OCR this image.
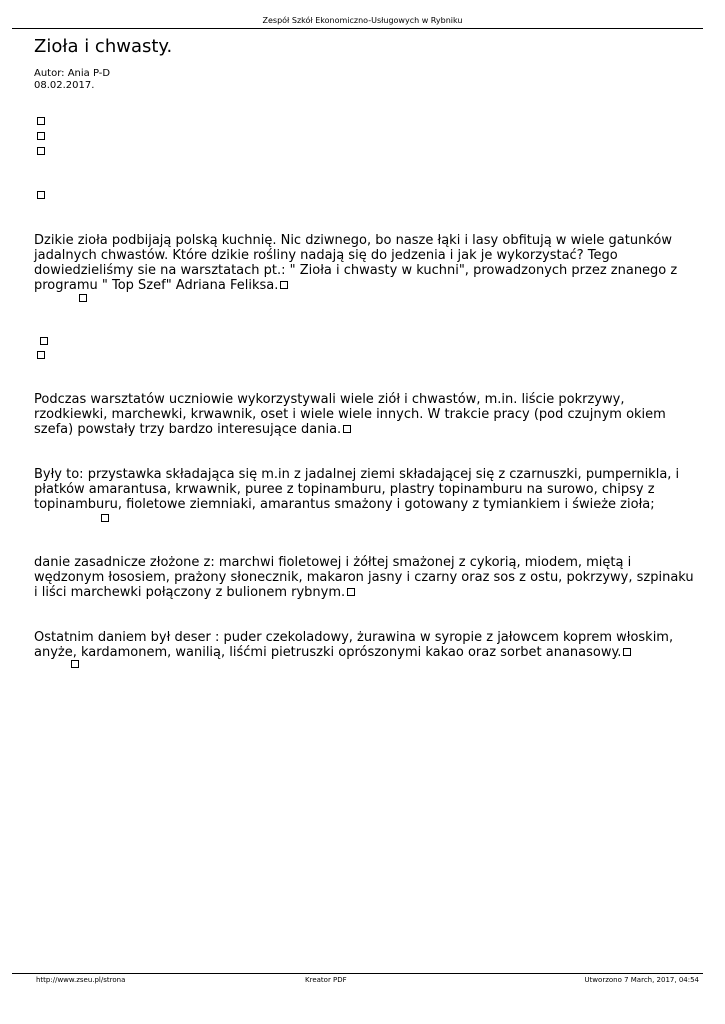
Zespół Szkół Ekonomiczno-Usługowych w Rybniku
Zioła i chwasty.
Autor: Ania P-D
08.02.2017.

Dzikie zioła podbijają polską kuchnię. Nic dziwnego, bo nasze łąki i lasy obfitują w wiele gatunków jadalnych chwastów. Które dzikie rośliny nadają się do jedzenia i jak je wykorzystać? Tego dowiedzieliśmy sie na warsztatach pt.: " Zioła i chwasty w kuchni", prowadzonych przez znanego z programu " Top Szef" Adriana Feliksa.

Podczas warsztatów uczniowie wykorzystywali wiele ziół i chwastów, m.in. liście pokrzywy, rzodkiewki, marchewki, krwawnik, oset i wiele wiele innych. W trakcie pracy (pod czujnym okiem szefa) powstały trzy bardzo interesujące dania.

Były to: przystawka składająca się m.in z jadalnej ziemi składającej się z czarnuszki, pumpernikla, i płatków amarantusa, krwawnik, puree z topinamburu, plastry topinamburu na surowo, chipsy z topinamburu, fioletowe ziemniaki, amarantus smażony i gotowany z tymiankiem i świeże zioła;

danie zasadnicze złożone z: marchwi fioletowej i żółtej smażonej z cykorią, miodem, miętą i wędzonym łososiem, prażony słonecznik, makaron jasny i czarny oraz sos z ostu, pokrzywy, szpinaku i liści marchewki połączony z bulionem rybnym.

Ostatnim daniem był deser : puder czekoladowy, żurawina w syropie z jałowcem koprem włoskim, anyże, kardamonem, wanilią, liśćmi pietruszki oprószonymi kakao oraz sorbet ananasowy.

http://www.zseu.pl/strona	Kreator PDF	Utworzono 7 March, 2017, 04:54
